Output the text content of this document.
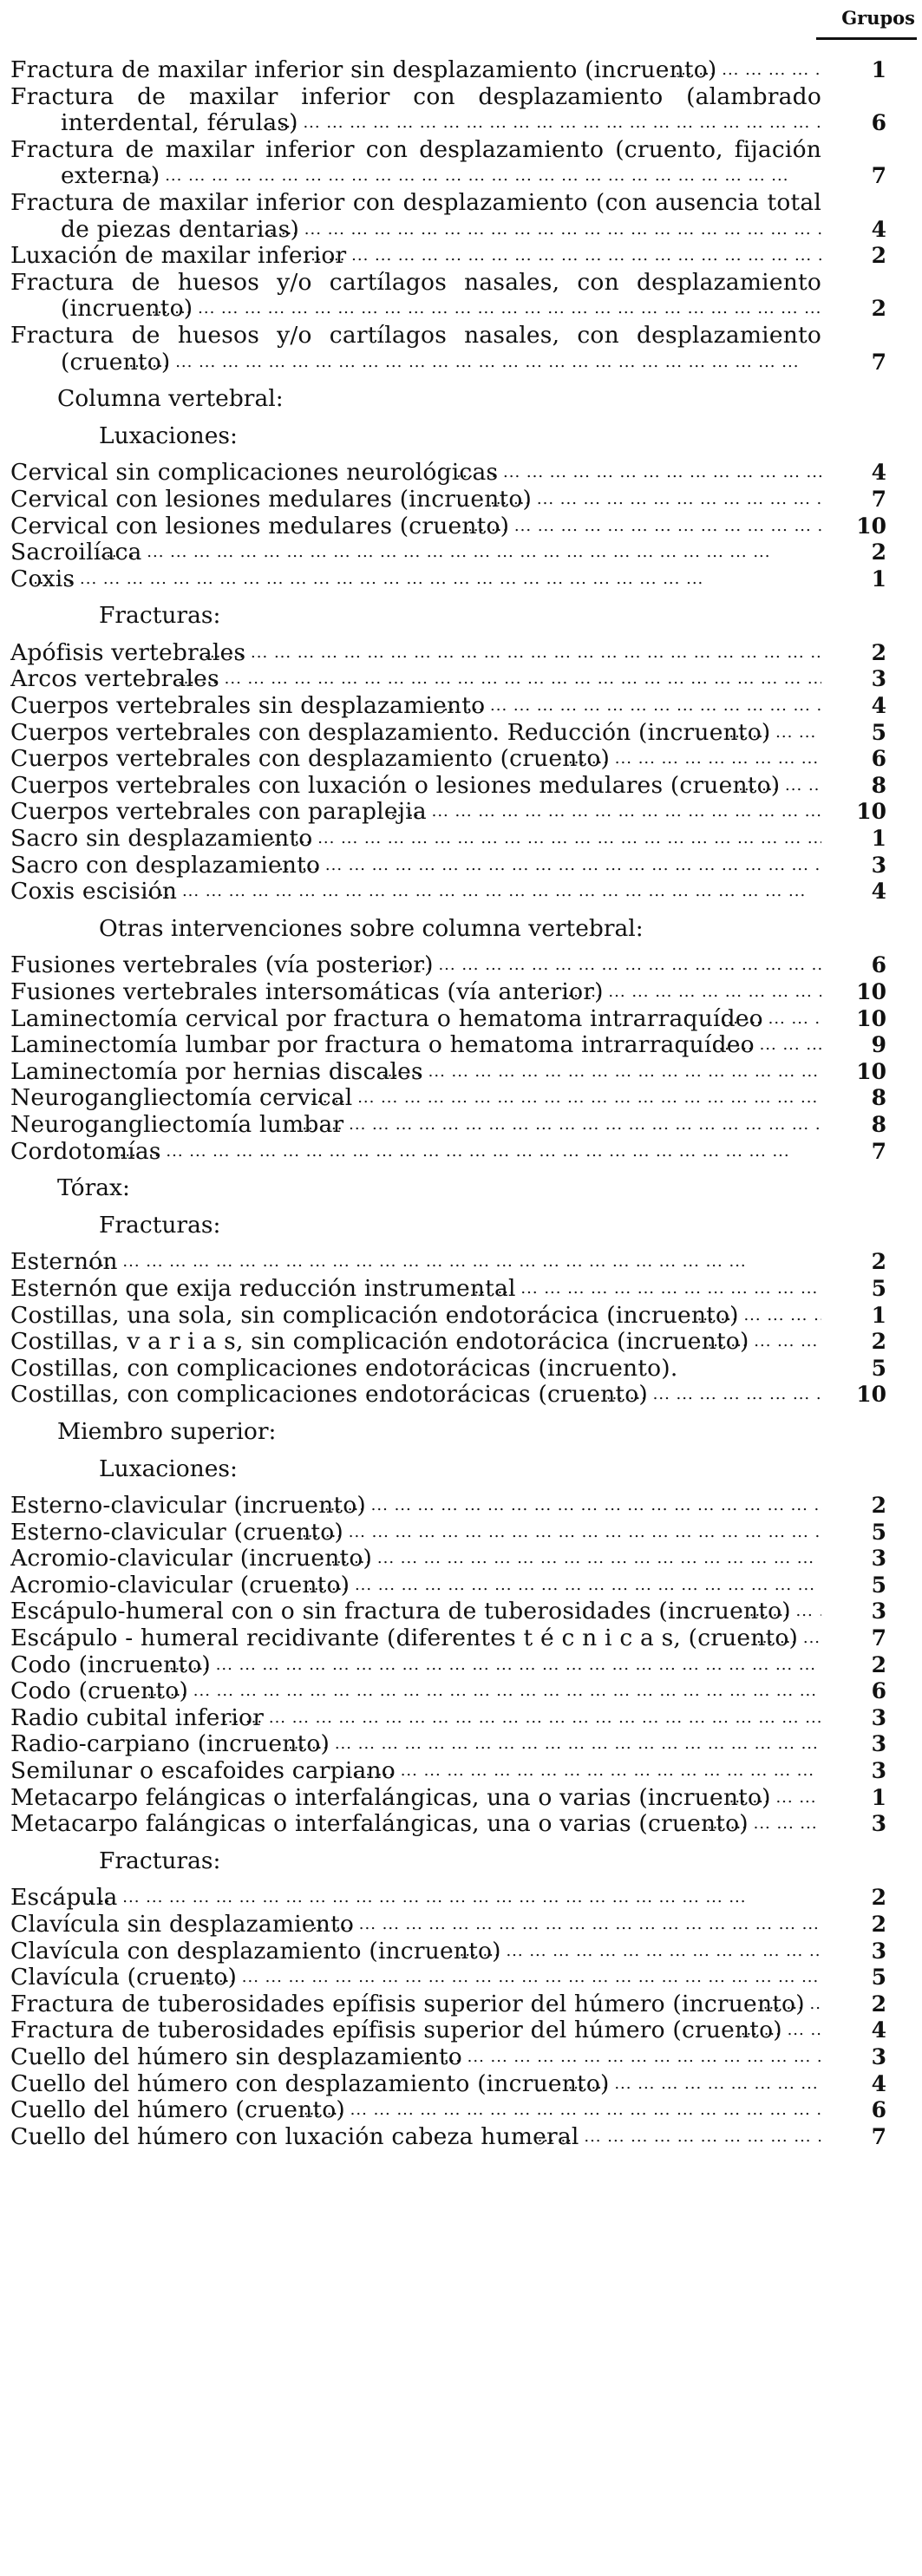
Grupos
Fractura de maxilar inferior sin desplazamiento (incruento) ... .	1
Fractura de maxilar inferior con desplazamiento (alambrado interdental, férulas) ... .	6
Fractura de maxilar inferior con desplazamiento (cruento, fijación externa) ... .	7
Fractura de maxilar inferior con desplazamiento (con ausencia total de piezas dentarias) ... .	4
Luxación de maxilar inferior ... .	2
Fractura de huesos y/o cartílagos nasales, con desplazamiento (incruento) ... .	2
Fractura de huesos y/o cartílagos nasales, con desplazamiento (cruento) ... .	7
Columna vertebral:
Luxaciones:
Cervical sin complicaciones neurológicas ... .	4
Cervical con lesiones medulares (incruento) ... .	7
Cervical con lesiones medulares (cruento) ... .	10
Sacroilíaca ... .	2
Coxis ... .	1
Fracturas:
Apófisis vertebrales ... .	2
Arcos vertebrales ... .	3
Cuerpos vertebrales sin desplazamiento ... .	4
Cuerpos vertebrales con desplazamiento. Reducción (incruento) ... .	5
Cuerpos vertebrales con desplazamiento (cruento) ... .	6
Cuerpos vertebrales con luxación o lesiones medulares (cruento) ... .	8
Cuerpos vertebrales con paraplejia ... .	10
Sacro sin desplazamiento ... .	1
Sacro con desplazamiento ... .	3
Coxis escisión ... .	4
Otras intervenciones sobre columna vertebral:
Fusiones vertebrales (vía posterior) ... .	6
Fusiones vertebrales intersomáticas (vía anterior) ... .	10
Laminectomía cervical por fractura o hematoma intrarraquídeo ... .	10
Laminectomía lumbar por fractura o hematoma intrarraquídeo ... .	9
Laminectomía por hernias discales ... .	10
Neurogangliectomía cervical ... .	8
Neurogangliectomía lumbar ... .	8
Cordotomías ... .	7
Tórax:
Fracturas:
Esternón ... .	2
Esternón que exija reducción instrumental ... .	5
Costillas, una sola, sin complicación endotorácica (incruento) ... .	1
Costillas, v a r i a s, sin complicación endotorácica (incruento) ... .	2
Costillas, con complicaciones endotorácicas (incruento).	5
Costillas, con complicaciones endotorácicas (cruento) ... .	10
Miembro superior:
Luxaciones:
Esterno-clavicular (incruento) ... .	2
Esterno-clavicular (cruento) ... .	5
Acromio-clavicular (incruento) ... .	3
Acromio-clavicular (cruento) ... .	5
Escápulo-humeral con o sin fractura de tuberosidades (incruento) ... .	3
Escápulo - humeral recidivante (diferentes t é c n i c a s, (cruento) ... .	7
Codo (incruento) ... .	2
Codo (cruento) ... .	6
Radio cubital inferior ... .	3
Radio-carpiano (incruento) ... .	3
Semilunar o escafoides carpiano ... .	3
Metacarpo felángicas o interfalángicas, una o varias (incruento) ... .	1
Metacarpo falángicas o interfalángicas, una o varias (cruento) ... .	3
Fracturas:
Escápula ... .	2
Clavícula sin desplazamiento ... .	2
Clavícula con desplazamiento (incruento) ... .	3
Clavícula (cruento) ... .	5
Fractura de tuberosidades epífisis superior del húmero (incruento) ... .	2
Fractura de tuberosidades epífisis superior del húmero (cruento) ... .	4
Cuello del húmero sin desplazamiento ... .	3
Cuello del húmero con desplazamiento (incruento) ... .	4
Cuello del húmero (cruento) ... .	6
Cuello del húmero con luxación cabeza humeral ... .	7
